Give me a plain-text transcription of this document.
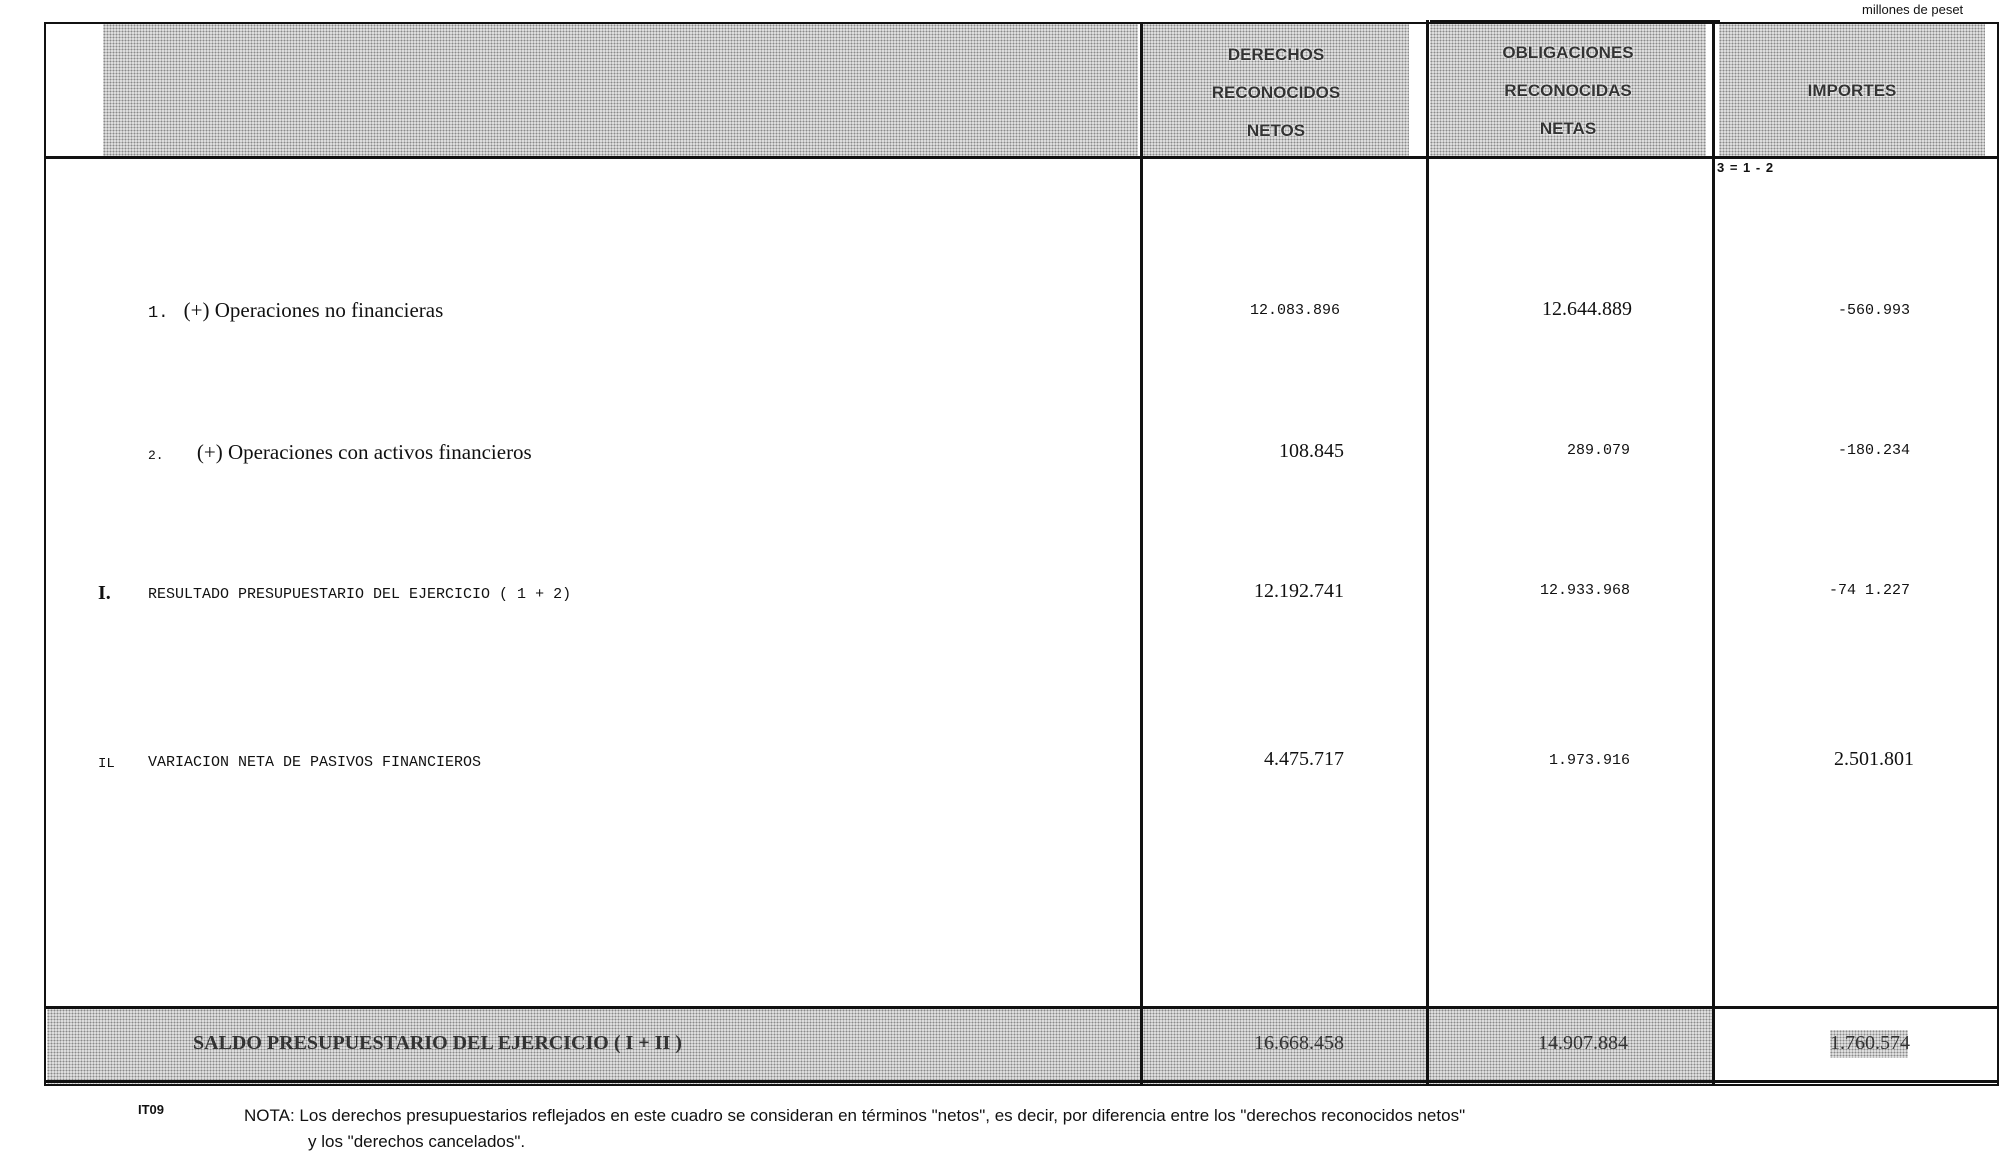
millones de peset
DERECHOS
RECONOCIDOS
NETOS
OBLIGACIONES
RECONOCIDAS
NETAS
IMPORTES
3 = 1 - 2
1. (+) Operaciones no financieras	12.083.896	12.644.889	-560.993
2. (+) Operaciones con activos financieros	108.845	289.079	-180.234
I. RESULTADO PRESUPUESTARIO DEL EJERCICIO ( 1 + 2)	12.192.741	12.933.968	-74 1.227
IL VARIACION NETA DE PASIVOS FINANCIEROS	4.475.717	1.973.916	2.501.801
SALDO PRESUPUESTARIO DEL EJERCICIO ( I + II )	16.668.458	14.907.884	1.760.574
IT09	NOTA: Los derechos presupuestarios reflejados en este cuadro se consideran en términos "netos", es decir, por diferencia entre los "derechos reconocidos netos"
y los "derechos cancelados".
